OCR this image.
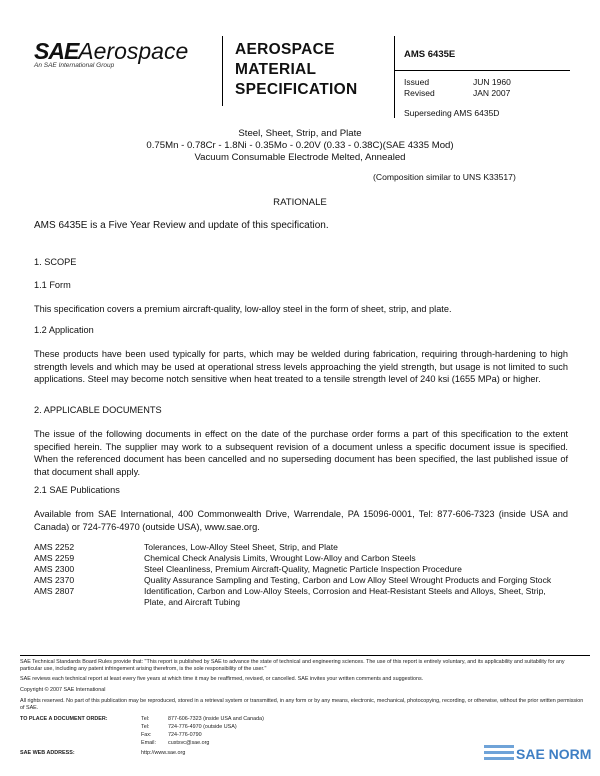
SAEAerospace
An SAE International Group
AEROSPACE
MATERIAL
SPECIFICATION
AMS 6435E
Issued	JUN 1960
Revised	JAN 2007
Superseding AMS 6435D
Steel, Sheet, Strip, and Plate
0.75Mn - 0.78Cr - 1.8Ni - 0.35Mo - 0.20V (0.33 - 0.38C)(SAE 4335 Mod)
Vacuum Consumable Electrode Melted, Annealed
(Composition similar to UNS K33517)
RATIONALE
AMS 6435E is a Five Year Review and update of this specification.
1. SCOPE
1.1 Form
This specification covers a premium aircraft-quality, low-alloy steel in the form of sheet, strip, and plate.
1.2 Application
These products have been used typically for parts, which may be welded during fabrication, requiring through-hardening to high strength levels and which may be used at operational stress levels approaching the yield strength, but usage is not limited to such applications. Steel may become notch sensitive when heat treated to a tensile strength level of 240 ksi (1655 MPa) or higher.
2. APPLICABLE DOCUMENTS
The issue of the following documents in effect on the date of the purchase order forms a part of this specification to the extent specified herein. The supplier may work to a subsequent revision of a document unless a specific document issue is specified. When the referenced document has been cancelled and no superseding document has been specified, the last published issue of that document shall apply.
2.1 SAE Publications
Available from SAE International, 400 Commonwealth Drive, Warrendale, PA 15096-0001, Tel: 877-606-7323 (inside USA and Canada) or 724-776-4970 (outside USA), www.sae.org.
AMS 2252	Tolerances, Low-Alloy Steel Sheet, Strip, and Plate
AMS 2259	Chemical Check Analysis Limits, Wrought Low-Alloy and Carbon Steels
AMS 2300	Steel Cleanliness, Premium Aircraft-Quality, Magnetic Particle Inspection Procedure
AMS 2370	Quality Assurance Sampling and Testing, Carbon and Low Alloy Steel Wrought Products and Forging Stock
AMS 2807	Identification, Carbon and Low-Alloy Steels, Corrosion and Heat-Resistant Steels and Alloys, Sheet, Strip, Plate, and Aircraft Tubing
SAE Technical Standards Board Rules provide that: "This report is published by SAE to advance the state of technical and engineering sciences. The use of this report is entirely voluntary, and its applicability and suitability for any particular use, including any patent infringement arising therefrom, is the sole responsibility of the user."
SAE reviews each technical report at least every five years at which time it may be reaffirmed, revised, or cancelled. SAE invites your written comments and suggestions.
Copyright © 2007 SAE International
All rights reserved. No part of this publication may be reproduced, stored in a retrieval system or transmitted, in any form or by any means, electronic, mechanical, photocopying, recording, or otherwise, without the prior written permission of SAE.
TO PLACE A DOCUMENT ORDER:	Tel:	877-606-7323 (inside USA and Canada)
Tel:	724-776-4970 (outside USA)
Fax:	724-776-0790
Email: custsvc@sae.org
SAE WEB ADDRESS:	http://www.sae.org	SAE NORM
